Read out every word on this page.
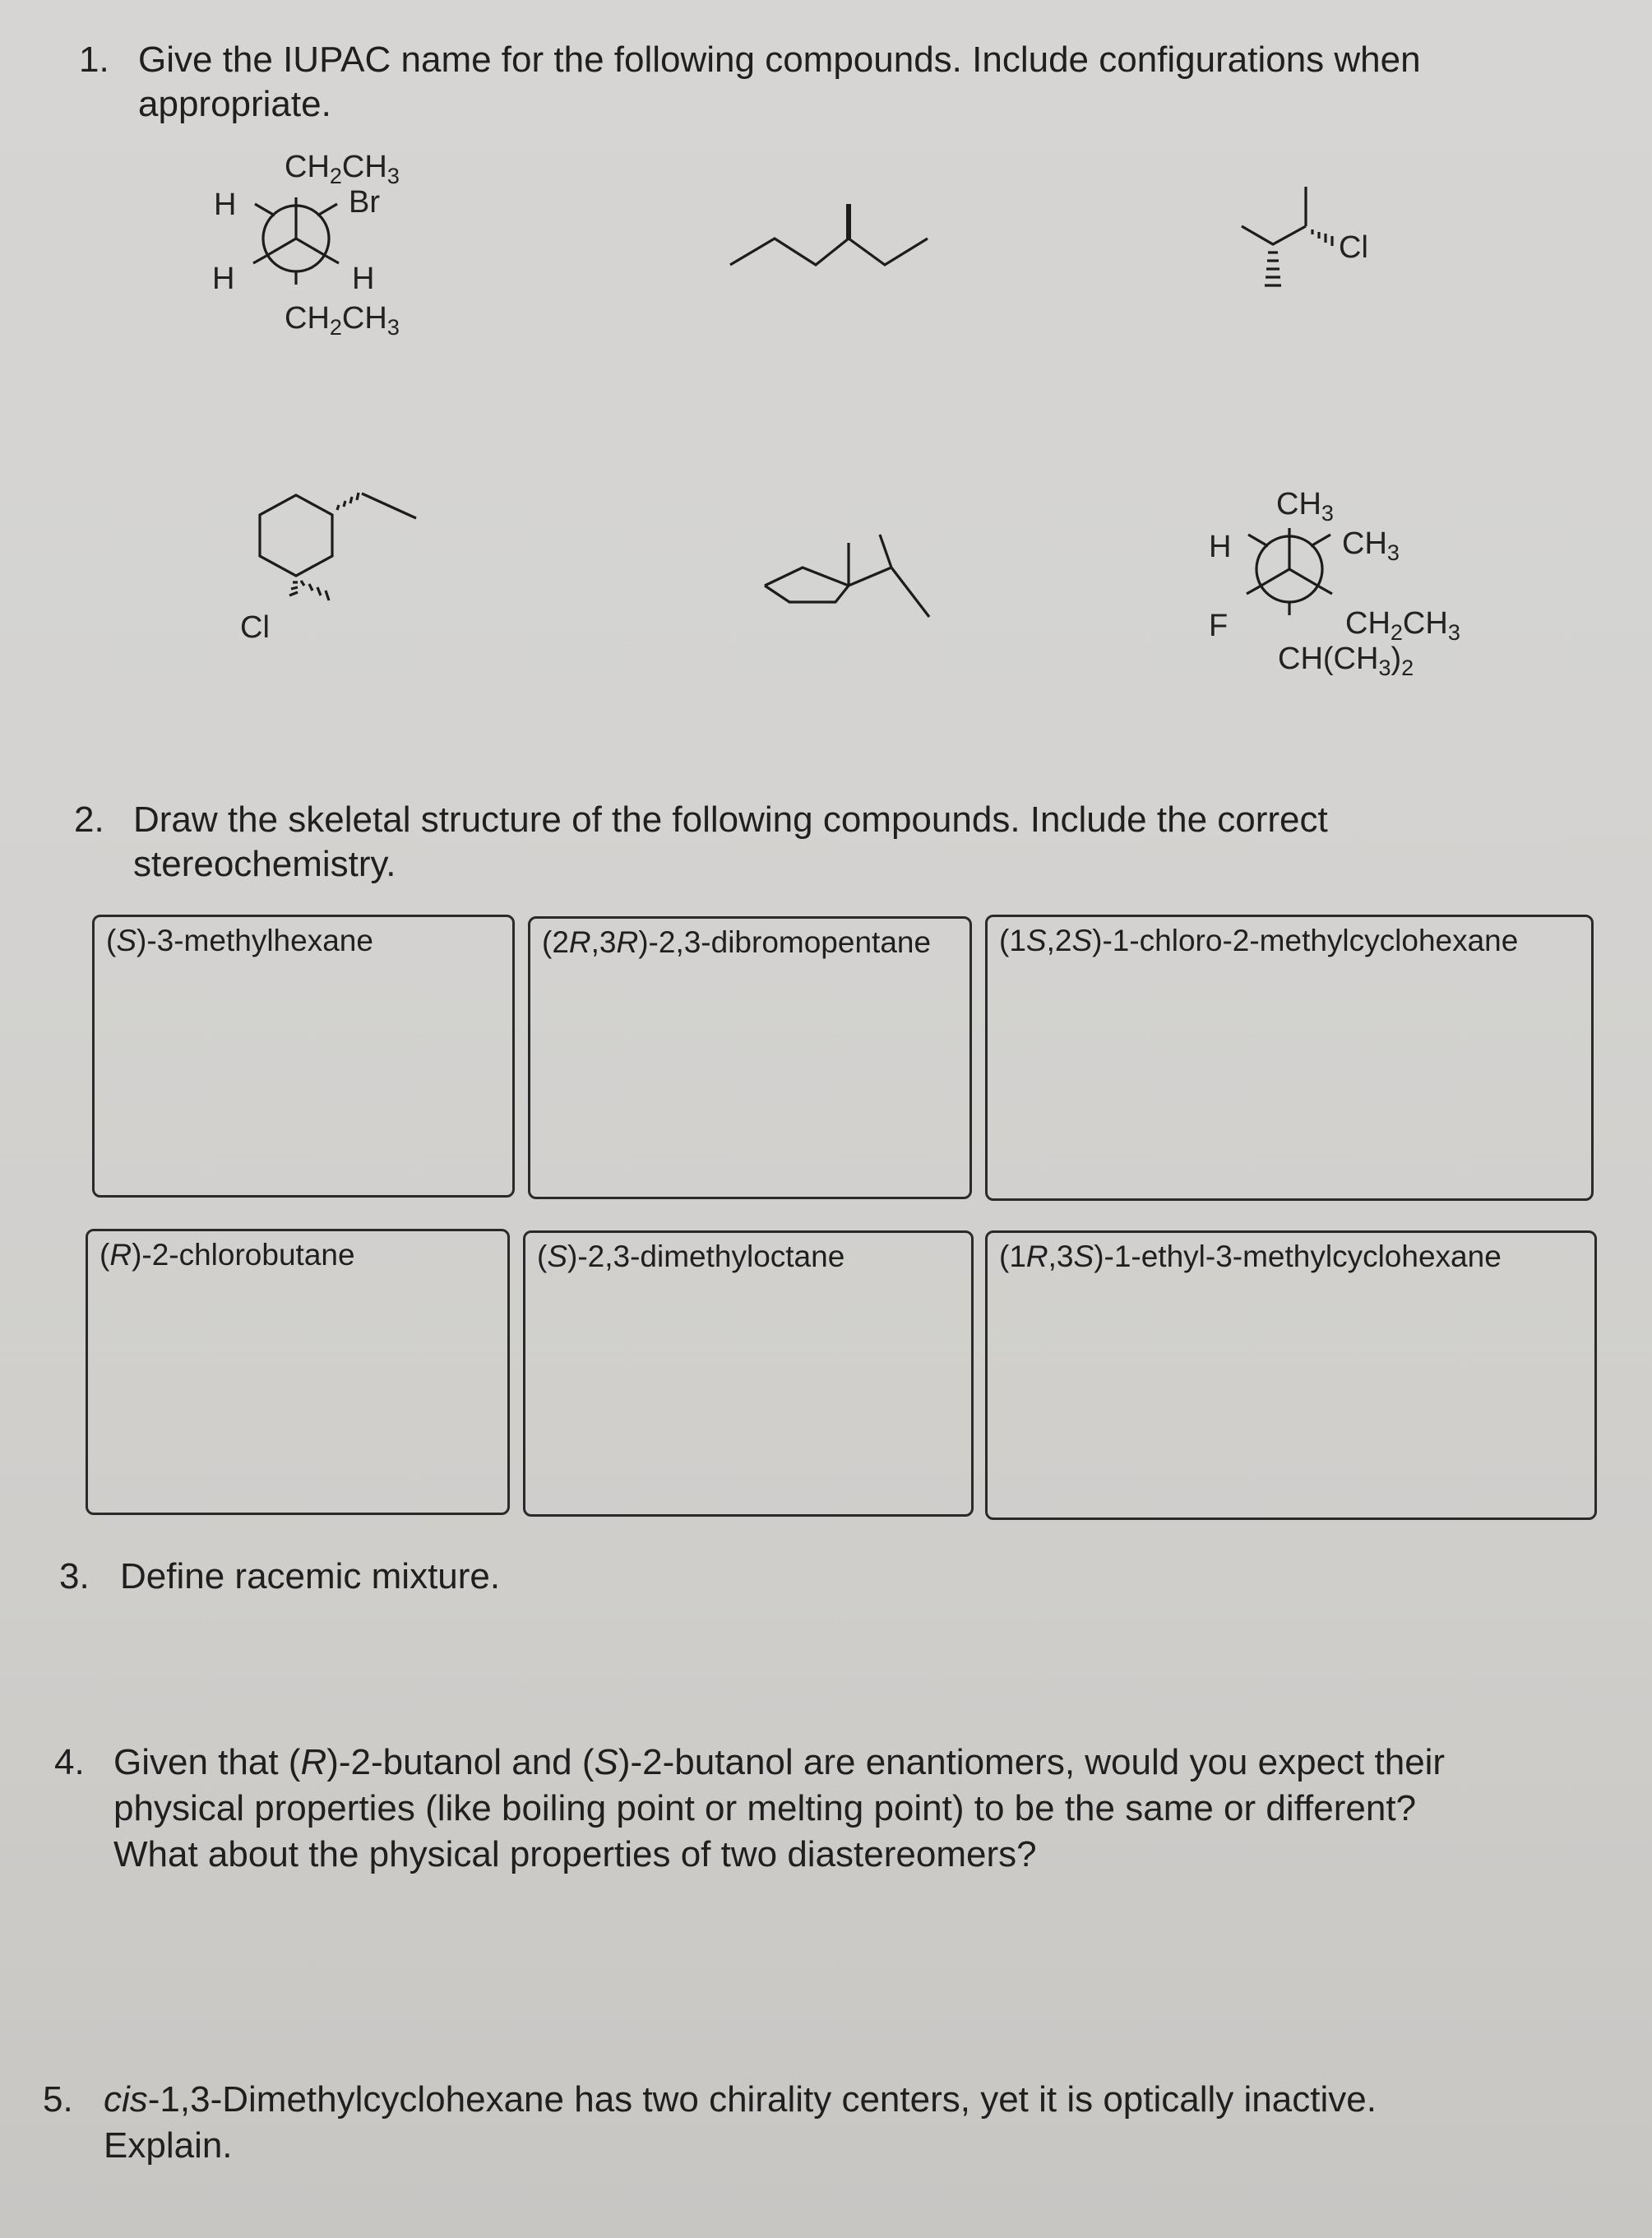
1. Give the IUPAC name for the following compounds. Include configurations when
appropriate.
$CH_2CH_3$
Br
H
H	H
$CH_2CH_3$
Cl
Cl
$CH_3$
H	$CH_3$
F	$CH_2CH_3$
$CH(CH_3)_2$
2. Draw the skeletal structure of the following compounds. Include the correct
stereochemistry.
(S)-3-methylhexane	(2R,3R)-2,3-dibromopentane (1S,2S)-1-chloro-2-methylcyclohexane
(R)-2-chlorobutane	(S)-2,3-dimethyloctane	(1R,3S)-1-ethyl-3-methylcyclohexane
3. Define racemic mixture.
4. Given that (R)-2-butanol and (S)-2-butanol are enantiomers, would you expect their
physical properties (like boiling point or melting point) to be the same or different?
What about the physical properties of two diastereomers?
5. cis-1,3-Dimethylcyclohexane has two chirality centers, yet it is optically inactive.
Explain.
